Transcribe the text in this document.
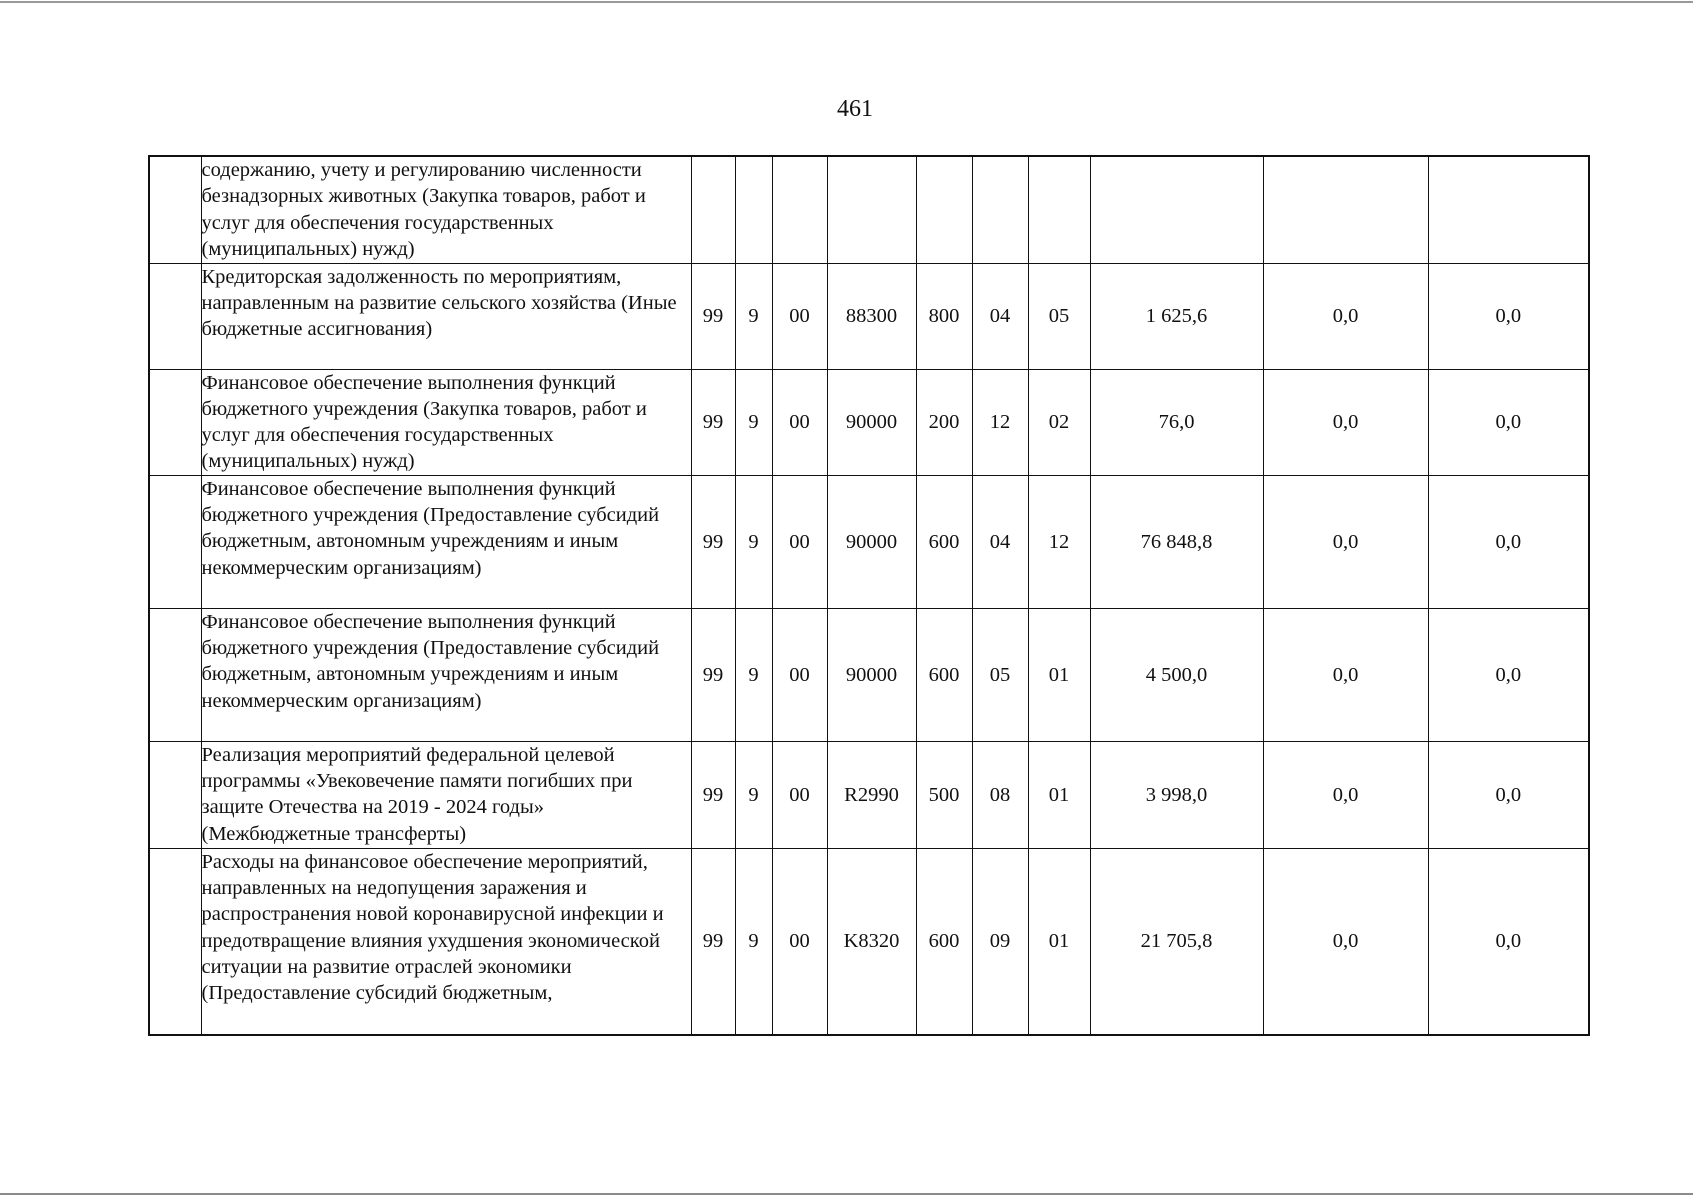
461
	содержанию, учету и регулированию численности безнадзорных животных (Закупка товаров, работ и услуг для обеспечения государственных (муниципальных) нужд)										
	Кредиторская задолженность по мероприятиям, направленным на развитие сельского хозяйства (Иные бюджетные ассигнования)	99	9	00	88300	800	04	05	1 625,6	0,0	0,0
	Финансовое обеспечение выполнения функций бюджетного учреждения (Закупка товаров, работ и услуг для обеспечения государственных (муниципальных) нужд)	99	9	00	90000	200	12	02	76,0	0,0	0,0
	Финансовое обеспечение выполнения функций бюджетного учреждения (Предоставление субсидий бюджетным, автономным учреждениям и иным некоммерческим организациям)	99	9	00	90000	600	04	12	76 848,8	0,0	0,0
	Финансовое обеспечение выполнения функций бюджетного учреждения (Предоставление субсидий бюджетным, автономным учреждениям и иным некоммерческим организациям)	99	9	00	90000	600	05	01	4 500,0	0,0	0,0
	Реализация мероприятий федеральной целевой программы «Увековечение памяти погибших при защите Отечества на 2019 - 2024 годы» (Межбюджетные трансферты)	99	9	00	R2990	500	08	01	3 998,0	0,0	0,0
	Расходы на финансовое обеспечение мероприятий, направленных на недопущения заражения и распространения новой коронавирусной инфекции и предотвращение влияния ухудшения экономической ситуации на развитие отраслей экономики (Предоставление субсидий бюджетным,	99	9	00	K8320	600	09	01	21 705,8	0,0	0,0
